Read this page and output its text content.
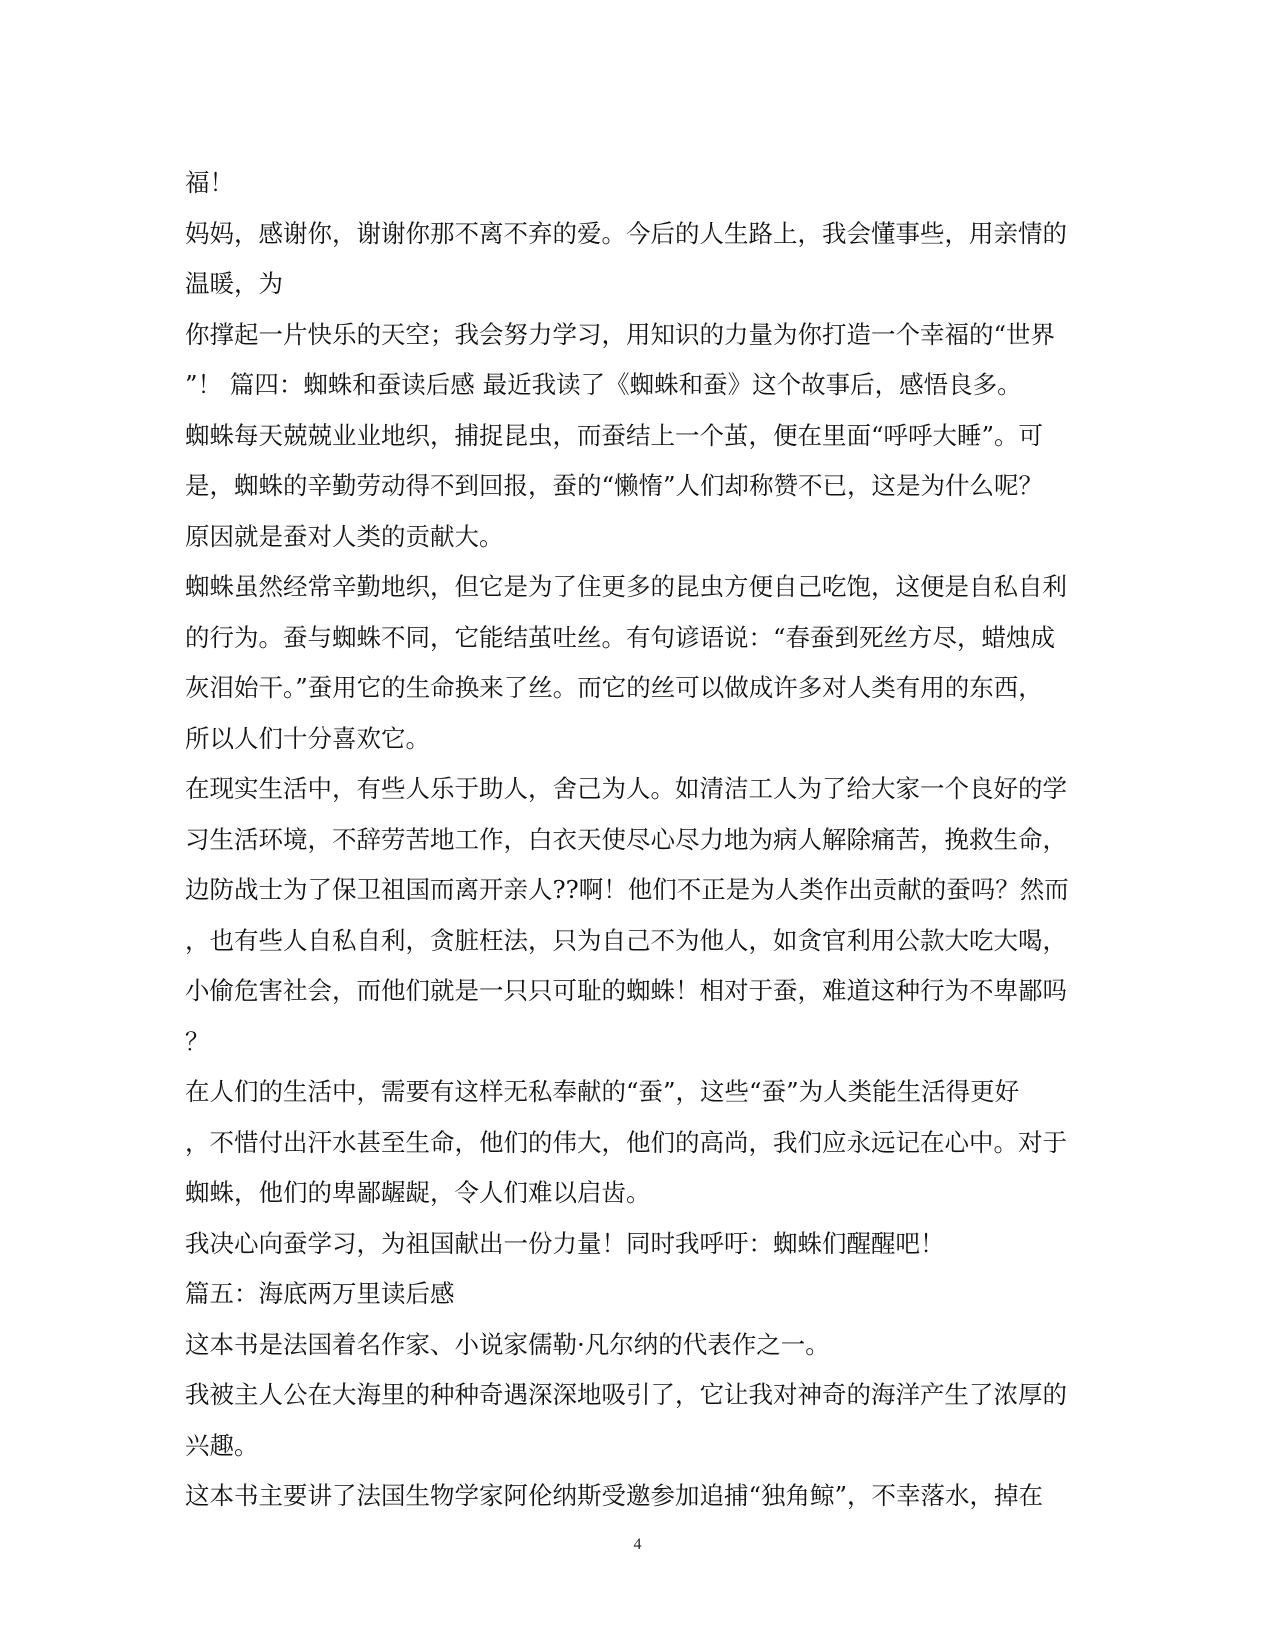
福！
妈妈，感谢你，谢谢你那不离不弃的爱。今后的人生路上，我会懂事些，用亲情的
温暖，为
你撑起一片快乐的天空；我会努力学习，用知识的力量为你打造一个幸福的“世界
”！ 篇四：蜘蛛和蚕读后感 最近我读了《蜘蛛和蚕》这个故事后，感悟良多。
蜘蛛每天兢兢业业地织，捕捉昆虫，而蚕结上一个茧，便在里面“呼呼大睡”。可
是，蜘蛛的辛勤劳动得不到回报，蚕的“懒惰”人们却称赞不已，这是为什么呢？
原因就是蚕对人类的贡献大。
蜘蛛虽然经常辛勤地织，但它是为了住更多的昆虫方便自己吃饱，这便是自私自利
的行为。蚕与蜘蛛不同，它能结茧吐丝。有句谚语说：“春蚕到死丝方尽，蜡烛成
灰泪始干。”蚕用它的生命换来了丝。而它的丝可以做成许多对人类有用的东西，
所以人们十分喜欢它。
在现实生活中，有些人乐于助人，舍己为人。如清洁工人为了给大家一个良好的学
习生活环境，不辞劳苦地工作，白衣天使尽心尽力地为病人解除痛苦，挽救生命，
边防战士为了保卫祖国而离开亲人??啊！他们不正是为人类作出贡献的蚕吗？然而
，也有些人自私自利，贪脏枉法，只为自己不为他人，如贪官利用公款大吃大喝，
小偷危害社会，而他们就是一只只可耻的蜘蛛！相对于蚕，难道这种行为不卑鄙吗
？
在人们的生活中，需要有这样无私奉献的“蚕”，这些“蚕”为人类能生活得更好
，不惜付出汗水甚至生命，他们的伟大，他们的高尚，我们应永远记在心中。对于
蜘蛛，他们的卑鄙龌龊，令人们难以启齿。
我决心向蚕学习，为祖国献出一份力量！同时我呼吁：蜘蛛们醒醒吧！
篇五：海底两万里读后感
这本书是法国着名作家、小说家儒勒·凡尔纳的代表作之一。
我被主人公在大海里的种种奇遇深深地吸引了，它让我对神奇的海洋产生了浓厚的
兴趣。
这本书主要讲了法国生物学家阿伦纳斯受邀参加追捕“独角鲸”，不幸落水，掉在
4
